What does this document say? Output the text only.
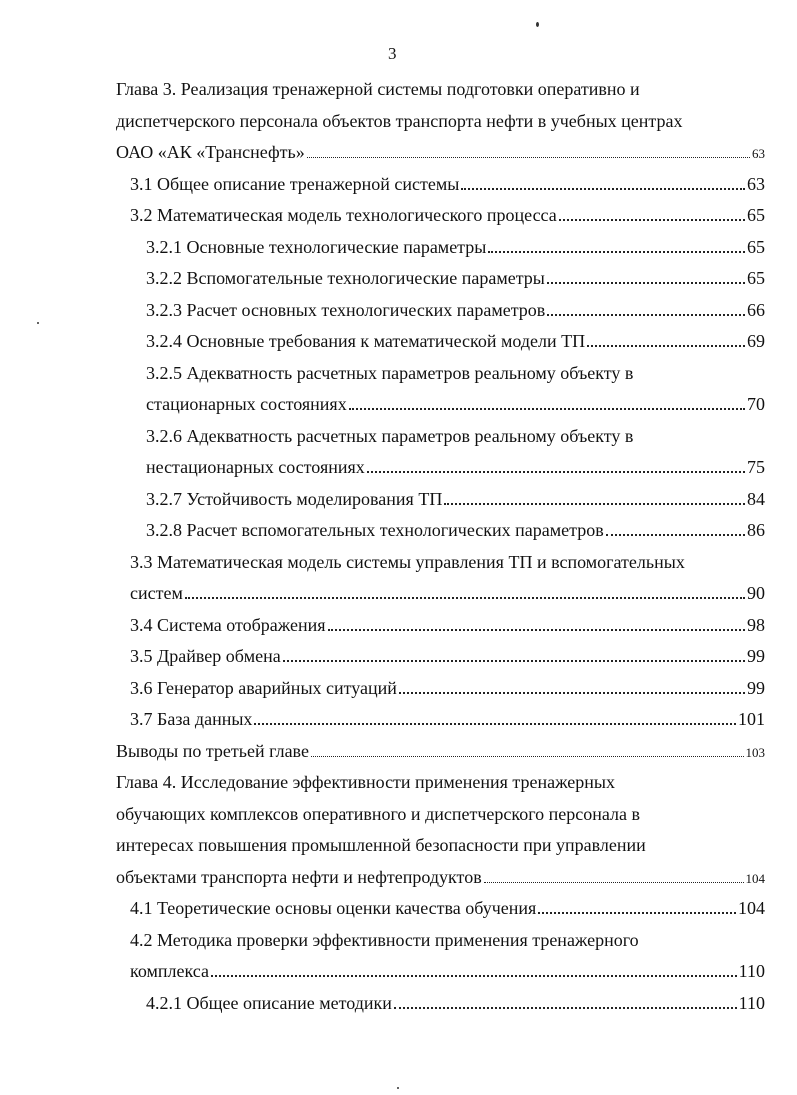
3
Глава 3. Реализация тренажерной системы подготовки оперативно и
диспетчерского персонала объектов транспорта нефти в учебных центрах
ОАО «АК «Транснефть»	63
3.1 Общее описание тренажерной системы	63
3.2 Математическая модель технологического процесса	65
3.2.1 Основные технологические параметры	65
3.2.2 Вспомогательные технологические параметры	65
3.2.3 Расчет основных технологических параметров	66
3.2.4 Основные требования к математической модели ТП	69
3.2.5 Адекватность расчетных параметров реальному объекту в
стационарных состояниях	70
3.2.6 Адекватность расчетных параметров реальному объекту в
нестационарных состояниях	75
3.2.7 Устойчивость моделирования ТП	84
3.2.8 Расчет вспомогательных технологических параметров	86
3.3 Математическая модель системы управления ТП и вспомогательных
систем	90
3.4 Система отображения	98
3.5 Драйвер обмена	99
3.6 Генератор аварийных ситуаций	99
3.7 База данных	101
Выводы по третьей главе	103
Глава 4. Исследование эффективности применения тренажерных
обучающих комплексов оперативного и диспетчерского персонала в
интересах повышения промышленной безопасности при управлении
объектами транспорта нефти и нефтепродуктов	104
4.1 Теоретические основы оценки качества обучения	104
4.2 Методика проверки эффективности применения тренажерного
комплекса	110
4.2.1 Общее описание методики	110
